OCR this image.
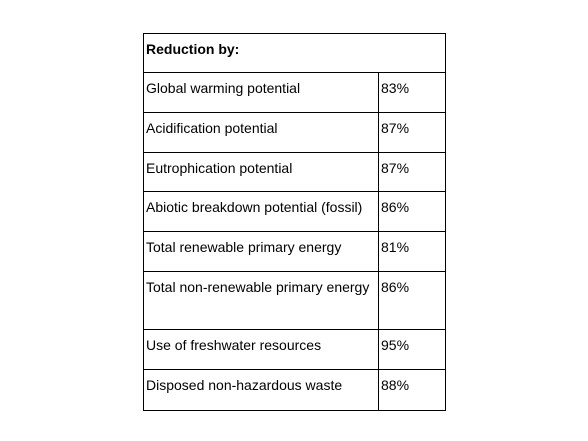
Reduction by:	
Global warming potential	83%
Acidification potential	87%
Eutrophication potential	87%
Abiotic breakdown potential (fossil)	86%
Total renewable primary energy	81%
Total non-renewable primary energy	86%
Use of freshwater resources	95%
Disposed non-hazardous waste	88%
